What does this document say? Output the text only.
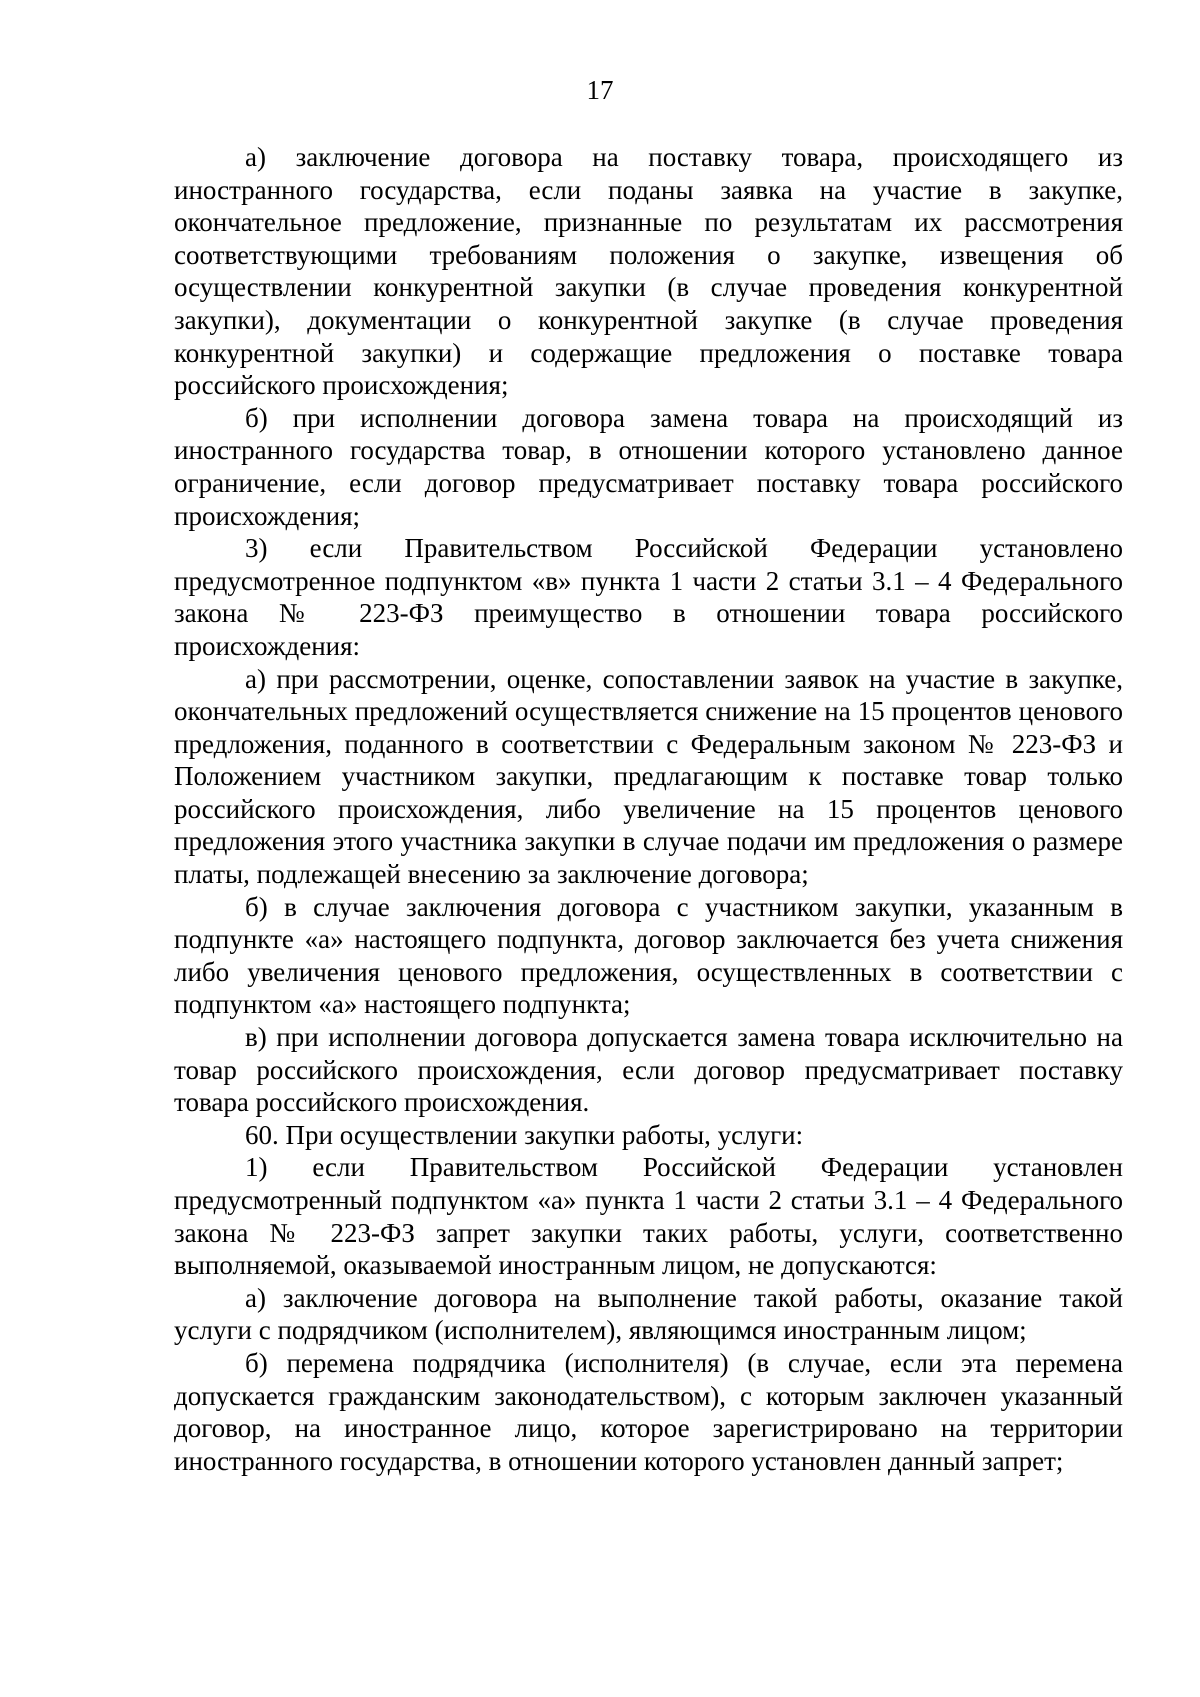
17

а) заключение договора на поставку товара, происходящего из иностранного государства, если поданы заявка на участие в закупке, окончательное предложение, признанные по результатам их рассмотрения соответствующими требованиям положения о закупке, извещения об осуществлении конкурентной закупки (в случае проведения конкурентной закупки), документации о конкурентной закупке (в случае проведения конкурентной закупки) и содержащие предложения о поставке товара российского происхождения;

б) при исполнении договора замена товара на происходящий из иностранного государства товар, в отношении которого установлено данное ограничение, если договор предусматривает поставку товара российского происхождения;

3) если Правительством Российской Федерации установлено предусмотренное подпунктом «в» пункта 1 части 2 статьи 3.1 – 4 Федерального закона № 223-ФЗ преимущество в отношении товара российского происхождения:

а) при рассмотрении, оценке, сопоставлении заявок на участие в закупке, окончательных предложений осуществляется снижение на 15 процентов ценового предложения, поданного в соответствии с Федеральным законом № 223-ФЗ и Положением участником закупки, предлагающим к поставке товар только российского происхождения, либо увеличение на 15 процентов ценового предложения этого участника закупки в случае подачи им предложения о размере платы, подлежащей внесению за заключение договора;

б) в случае заключения договора с участником закупки, указанным в подпункте «а» настоящего подпункта, договор заключается без учета снижения либо увеличения ценового предложения, осуществленных в соответствии с подпунктом «а» настоящего подпункта;

в) при исполнении договора допускается замена товара исключительно на товар российского происхождения, если договор предусматривает поставку товара российского происхождения.

60. При осуществлении закупки работы, услуги:

1) если Правительством Российской Федерации установлен предусмотренный подпунктом «а» пункта 1 части 2 статьи 3.1 – 4 Федерального закона № 223-ФЗ запрет закупки таких работы, услуги, соответственно выполняемой, оказываемой иностранным лицом, не допускаются:

а) заключение договора на выполнение такой работы, оказание такой услуги с подрядчиком (исполнителем), являющимся иностранным лицом;

б) перемена подрядчика (исполнителя) (в случае, если эта перемена допускается гражданским законодательством), с которым заключен указанный договор, на иностранное лицо, которое зарегистрировано на территории иностранного государства, в отношении которого установлен данный запрет;
